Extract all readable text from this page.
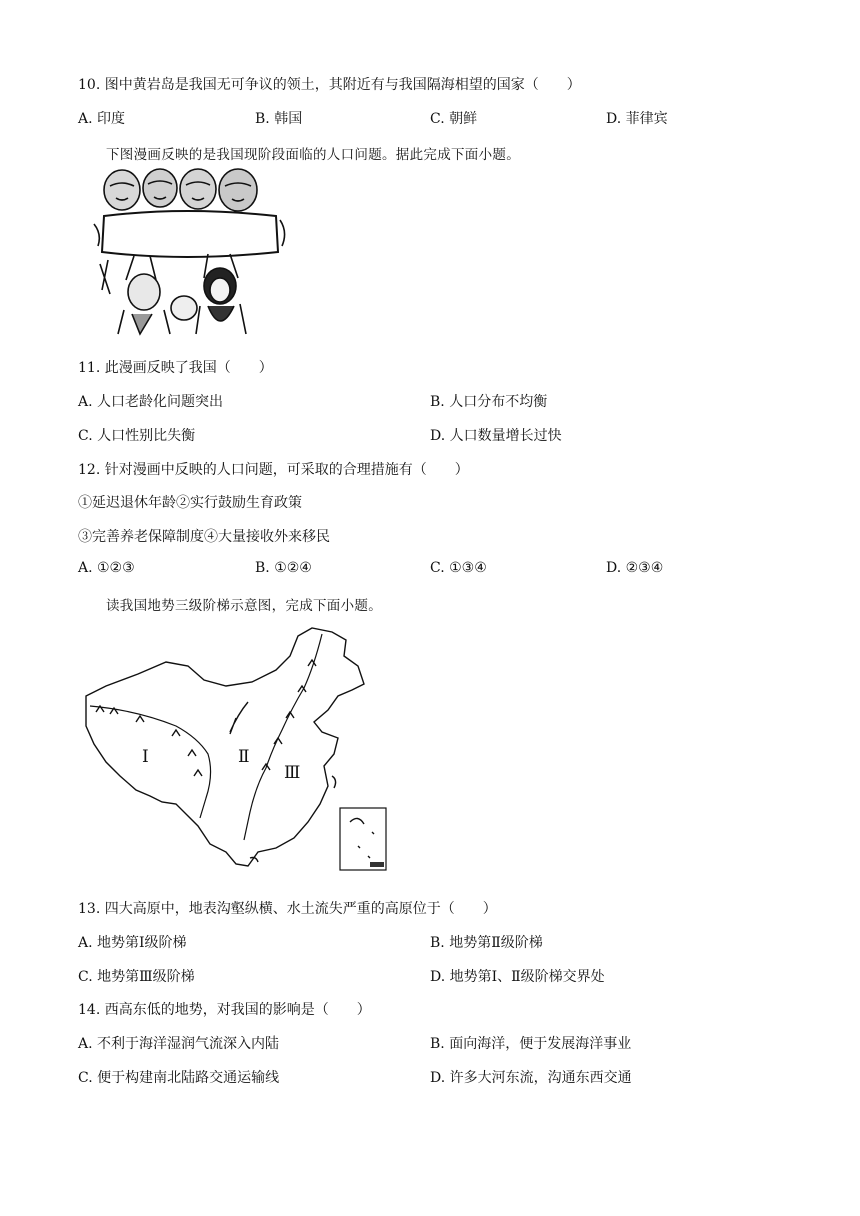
10. 图中黄岩岛是我国无可争议的领土，其附近有与我国隔海相望的国家（　　）
A. 印度	B. 韩国	C. 朝鲜	D. 菲律宾
下图漫画反映的是我国现阶段面临的人口问题。据此完成下面小题。
11. 此漫画反映了我国（　　）
A. 人口老龄化问题突出	B. 人口分布不均衡
C. 人口性别比失衡	D. 人口数量增长过快
12. 针对漫画中反映的人口问题，可采取的合理措施有（　　）
①延迟退休年龄②实行鼓励生育政策
③完善养老保障制度④大量接收外来移民
A. ①②③	B. ①②④	C. ①③④	D. ②③④
读我国地势三级阶梯示意图，完成下面小题。
Ⅰ	Ⅱ
Ⅲ
13. 四大高原中，地表沟壑纵横、水土流失严重的高原位于（　　）
A. 地势第Ⅰ级阶梯	B. 地势第Ⅱ级阶梯
C. 地势第Ⅲ级阶梯	D. 地势第Ⅰ、Ⅱ级阶梯交界处
14. 西高东低的地势，对我国的影响是（　　）
A. 不利于海洋湿润气流深入内陆	B. 面向海洋，便于发展海洋事业
C. 便于构建南北陆路交通运输线	D. 许多大河东流，沟通东西交通
